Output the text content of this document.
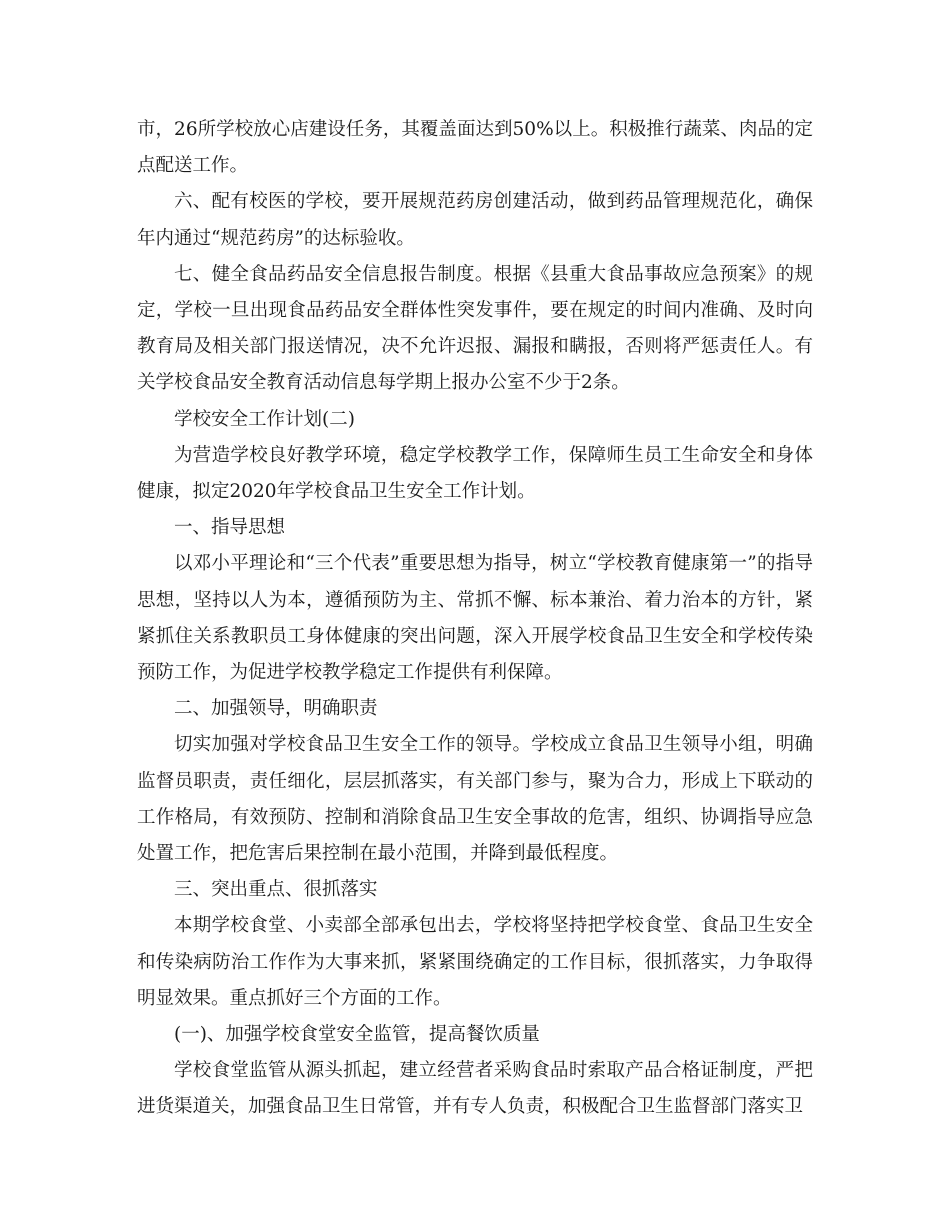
市，26所学校放心店建设任务，其覆盖面达到50%以上。积极推行蔬菜、肉品的定点配送工作。

六、配有校医的学校，要开展规范药房创建活动，做到药品管理规范化，确保年内通过“规范药房”的达标验收。

七、健全食品药品安全信息报告制度。根据《县重大食品事故应急预案》的规定，学校一旦出现食品药品安全群体性突发事件，要在规定的时间内准确、及时向教育局及相关部门报送情况，决不允许迟报、漏报和瞒报，否则将严惩责任人。有关学校食品安全教育活动信息每学期上报办公室不少于2条。

学校安全工作计划(二)

为营造学校良好教学环境，稳定学校教学工作，保障师生员工生命安全和身体健康，拟定2020年学校食品卫生安全工作计划。

一、指导思想

以邓小平理论和“三个代表”重要思想为指导，树立“学校教育健康第一”的指导思想，坚持以人为本，遵循预防为主、常抓不懈、标本兼治、着力治本的方针，紧紧抓住关系教职员工身体健康的突出问题，深入开展学校食品卫生安全和学校传染预防工作，为促进学校教学稳定工作提供有利保障。

二、加强领导，明确职责

切实加强对学校食品卫生安全工作的领导。学校成立食品卫生领导小组，明确监督员职责，责任细化，层层抓落实，有关部门参与，聚为合力，形成上下联动的工作格局，有效预防、控制和消除食品卫生安全事故的危害，组织、协调指导应急处置工作，把危害后果控制在最小范围，并降到最低程度。

三、突出重点、很抓落实

本期学校食堂、小卖部全部承包出去，学校将坚持把学校食堂、食品卫生安全和传染病防治工作作为大事来抓，紧紧围绕确定的工作目标，很抓落实，力争取得明显效果。重点抓好三个方面的工作。

(一)、加强学校食堂安全监管，提高餐饮质量

学校食堂监管从源头抓起，建立经营者采购食品时索取产品合格证制度，严把进货渠道关，加强食品卫生日常管，并有专人负责，积极配合卫生监督部门落实卫
